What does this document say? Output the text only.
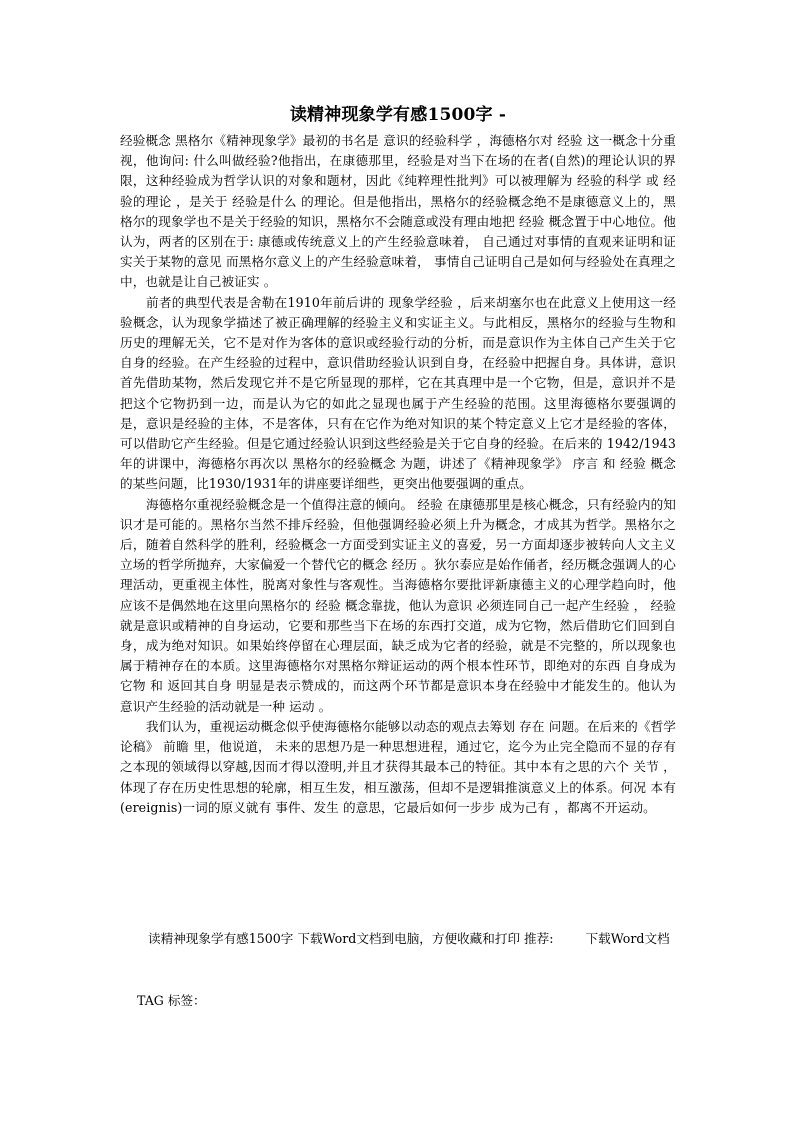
读精神现象学有感1500字 -

经验概念 黑格尔《精神现象学》最初的书名是 意识的经验科学 ，海德格尔对 经验 这一概念十分重视，他询问: 什么叫做经验?他指出，在康德那里，经验是对当下在场的在者(自然)的理论认识的界限，这种经验成为哲学认识的对象和题材，因此《纯粹理性批判》可以被理解为 经验的科学 或 经验的理论 ，是关于 经验是什么 的理论。但是他指出，黑格尔的经验概念绝不是康德意义上的，黑格尔的现象学也不是关于经验的知识，黑格尔不会随意或没有理由地把 经验 概念置于中心地位。他认为，两者的区别在于: 康德或传统意义上的产生经验意味着， 自己通过对事情的直观来证明和证实关于某物的意见 而黑格尔意义上的产生经验意味着， 事情自己证明自己是如何与经验处在真理之中，也就是让自己被证实 。

前者的典型代表是舍勒在1910年前后讲的 现象学经验 ，后来胡塞尔也在此意义上使用这一经验概念，认为现象学描述了被正确理解的经验主义和实证主义。与此相反，黑格尔的经验与生物和历史的理解无关，它不是对作为客体的意识或经验行动的分析，而是意识作为主体自己产生关于它自身的经验。在产生经验的过程中，意识借助经验认识到自身，在经验中把握自身。具体讲，意识首先借助某物，然后发现它并不是它所显现的那样，它在其真理中是一个它物，但是，意识并不是把这个它物扔到一边，而是认为它的如此之显现也属于产生经验的范围。这里海德格尔要强调的是，意识是经验的主体，不是客体，只有在它作为绝对知识的某个特定意义上它才是经验的客体，可以借助它产生经验。但是它通过经验认识到这些经验是关于它自身的经验。在后来的 1942/1943年的讲课中，海德格尔再次以 黑格尔的经验概念 为题，讲述了《精神现象学》 序言 和 经验 概念的某些问题，比1930/1931年的讲座要详细些，更突出他要强调的重点。

海德格尔重视经验概念是一个值得注意的倾向。 经验 在康德那里是核心概念，只有经验内的知识才是可能的。黑格尔当然不排斥经验，但他强调经验必须上升为概念，才成其为哲学。黑格尔之后，随着自然科学的胜利，经验概念一方面受到实证主义的喜爱，另一方面却逐步被转向人文主义立场的哲学所抛弃，大家偏爱一个替代它的概念 经历 。狄尔泰应是始作俑者，经历概念强调人的心理活动，更重视主体性，脱离对象性与客观性。当海德格尔要批评新康德主义的心理学趋向时，他应该不是偶然地在这里向黑格尔的 经验 概念靠拢，他认为意识 必须连同自己一起产生经验 ， 经验 就是意识或精神的自身运动，它要和那些当下在场的东西打交道，成为它物，然后借助它们回到自身，成为绝对知识。如果始终停留在心理层面，缺乏成为它者的经验，就是不完整的，所以现象也属于精神存在的本质。这里海德格尔对黑格尔辩证运动的两个根本性环节，即绝对的东西 自身成为它物 和 返回其自身 明显是表示赞成的，而这两个环节都是意识本身在经验中才能发生的。他认为意识产生经验的活动就是一种 运动 。

我们认为，重视运动概念似乎使海德格尔能够以动态的观点去筹划 存在 问题。在后来的《哲学论稿》 前瞻 里，他说道， 未来的思想乃是一种思想进程，通过它，迄今为止完全隐而不显的存有之本现的领域得以穿越,因而才得以澄明,并且才获得其最本己的特征。其中本有之思的六个 关节 ，体现了存在历史性思想的轮廓，相互生发，相互激荡，但却不是逻辑推演意义上的体系。何况 本有 (ereignis)一词的原义就有 事件、发生 的意思，它最后如何一步步 成为己有 ，都离不开运动。

读精神现象学有感1500字 下载Word文档到电脑，方便收藏和打印 推荐:	下载Word文档
TAG 标签：
